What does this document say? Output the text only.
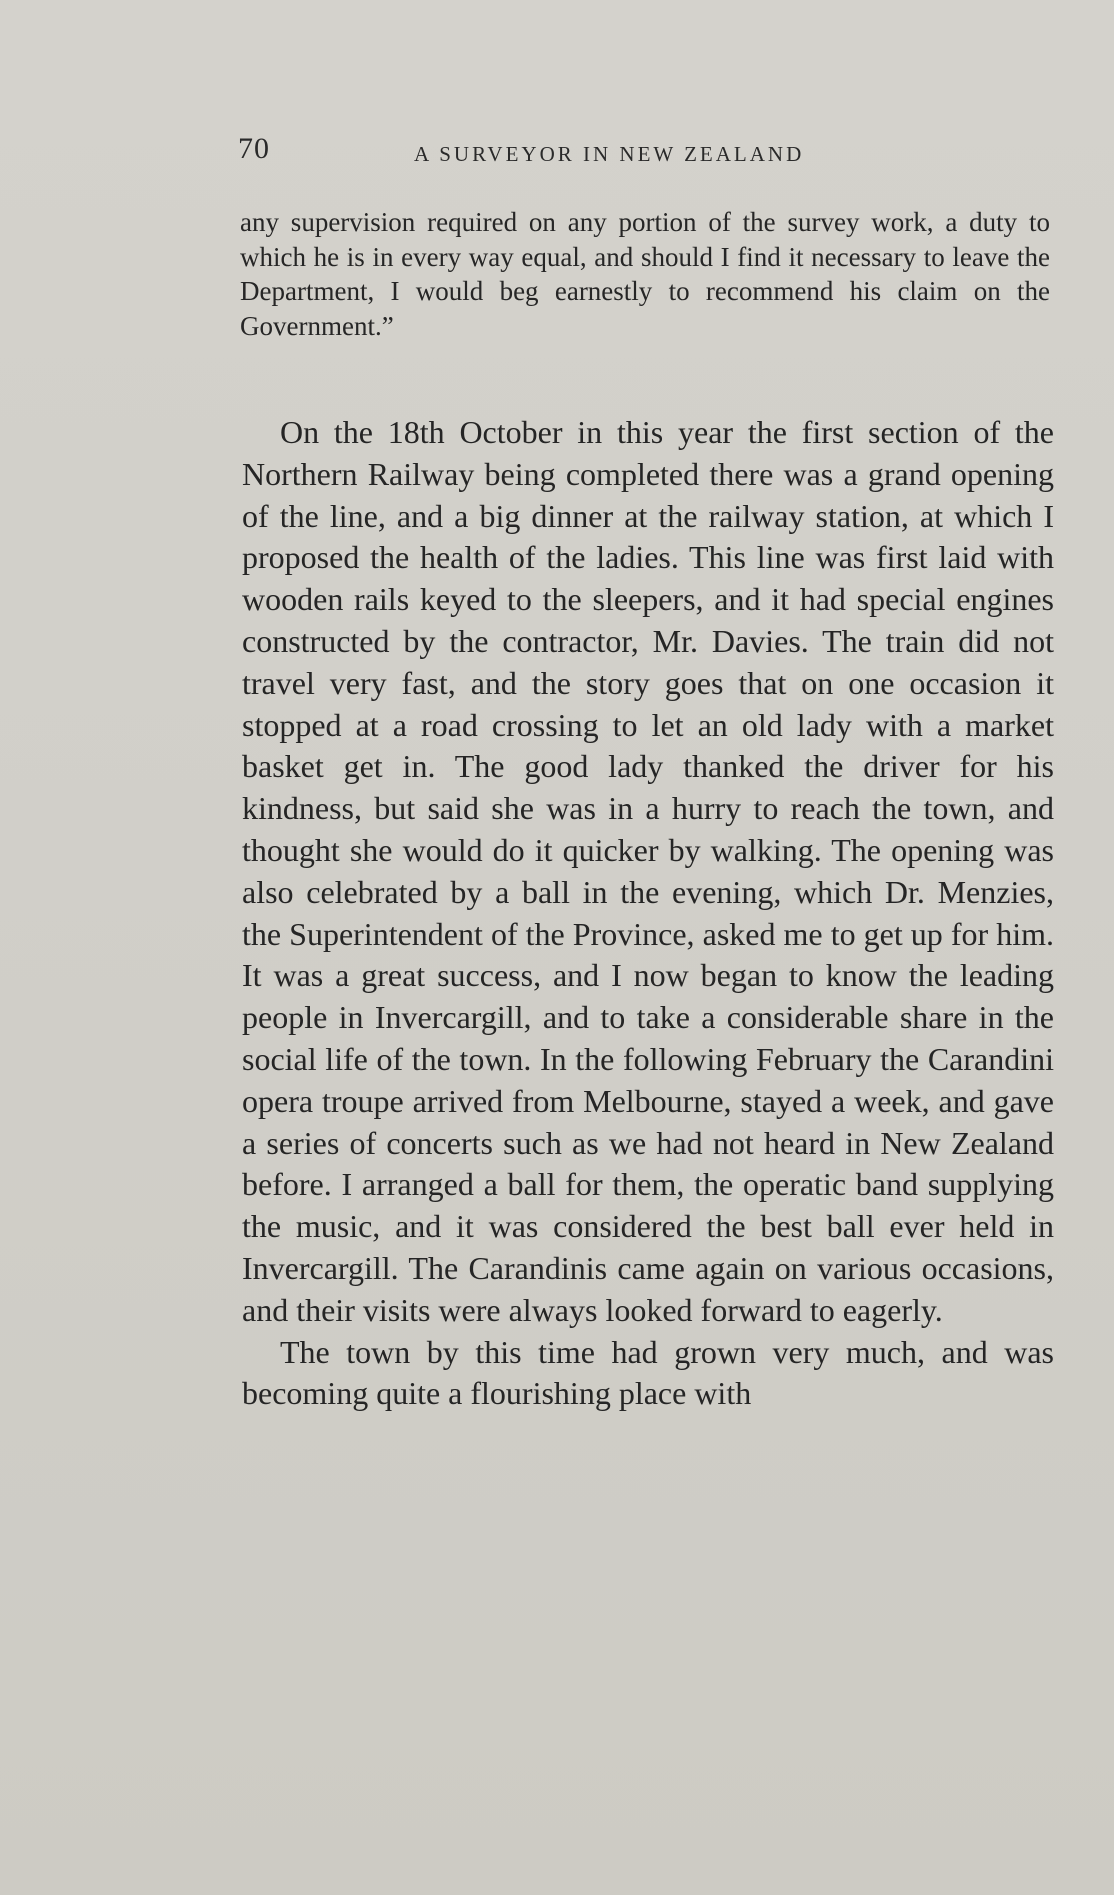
70	A SURVEYOR IN NEW ZEALAND
any supervision required on any portion of the survey work, a duty to which he is in every way equal, and should I find it necessary to leave the Department, I would beg earnestly to recommend his claim on the Government.”

On the 18th October in this year the first section of the Northern Railway being completed there was a grand opening of the line, and a big dinner at the railway station, at which I proposed the health of the ladies. This line was first laid with wooden rails keyed to the sleepers, and it had special engines constructed by the contractor, Mr. Davies. The train did not travel very fast, and the story goes that on one occasion it stopped at a road crossing to let an old lady with a market basket get in. The good lady thanked the driver for his kindness, but said she was in a hurry to reach the town, and thought she would do it quicker by walking. The opening was also celebrated by a ball in the evening, which Dr. Menzies, the Superintendent of the Province, asked me to get up for him. It was a great success, and I now began to know the leading people in Invercargill, and to take a considerable share in the social life of the town. In the following February the Carandini opera troupe arrived from Melbourne, stayed a week, and gave a series of concerts such as we had not heard in New Zealand before. I arranged a ball for them, the operatic band supplying the music, and it was considered the best ball ever held in Invercargill. The Carandinis came again on various occasions, and their visits were always looked forward to eagerly.

The town by this time had grown very much, and was becoming quite a flourishing place with
